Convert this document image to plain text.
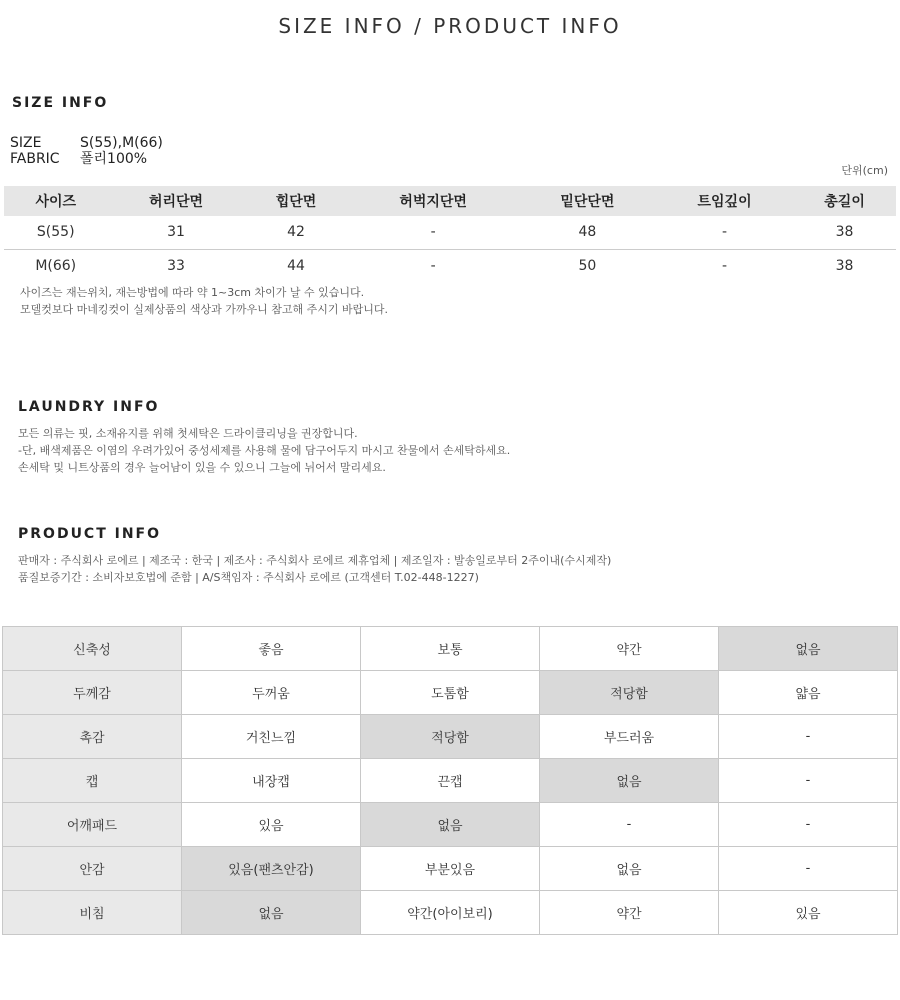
SIZE INFO / PRODUCT INFO
SIZE INFO
SIZE	S(55),M(66)
FABRIC 폴리100%
단위(cm)
사이즈	허리단면	힙단면	허벅지단면	밑단단면	트임깊이	총길이
S(55)	31	42	-	48	-	38
M(66)	33	44	-	50	-	38
사이즈는 재는위치, 재는방법에 따라 약 1~3cm 차이가 날 수 있습니다.
모델컷보다 마네킹컷이 실제상품의 색상과 가까우니 참고해 주시기 바랍니다.
LAUNDRY INFO
모든 의류는 핏, 소재유지를 위해 첫세탁은 드라이클리닝을 권장합니다.
-단, 배색제품은 이염의 우려가있어 중성세제를 사용해 물에 담구어두지 마시고 찬물에서 손세탁하세요.
손세탁 및 니트상품의 경우 늘어남이 있을 수 있으니 그늘에 뉘어서 말리세요.
PRODUCT INFO
판매자 : 주식회사 로에르 | 제조국 : 한국 | 제조사 : 주식회사 로에르 제휴업체 | 제조일자 : 발송일로부터 2주이내(수시제작)
품질보증기간 : 소비자보호법에 준함 | A/S책임자 : 주식회사 로에르 (고객센터 T.02-448-1227)
신축성	좋음	보통	약간	없음
두께감	두꺼움	도톰함	적당함	얇음
촉감	거친느낌	적당함	부드러움	-
캡	내장캡	끈캡	없음	-
어깨패드	있음	없음	-	-
안감	있음(팬츠안감)	부분있음	없음	-
비침	없음	약간(아이보리)	약간	있음
